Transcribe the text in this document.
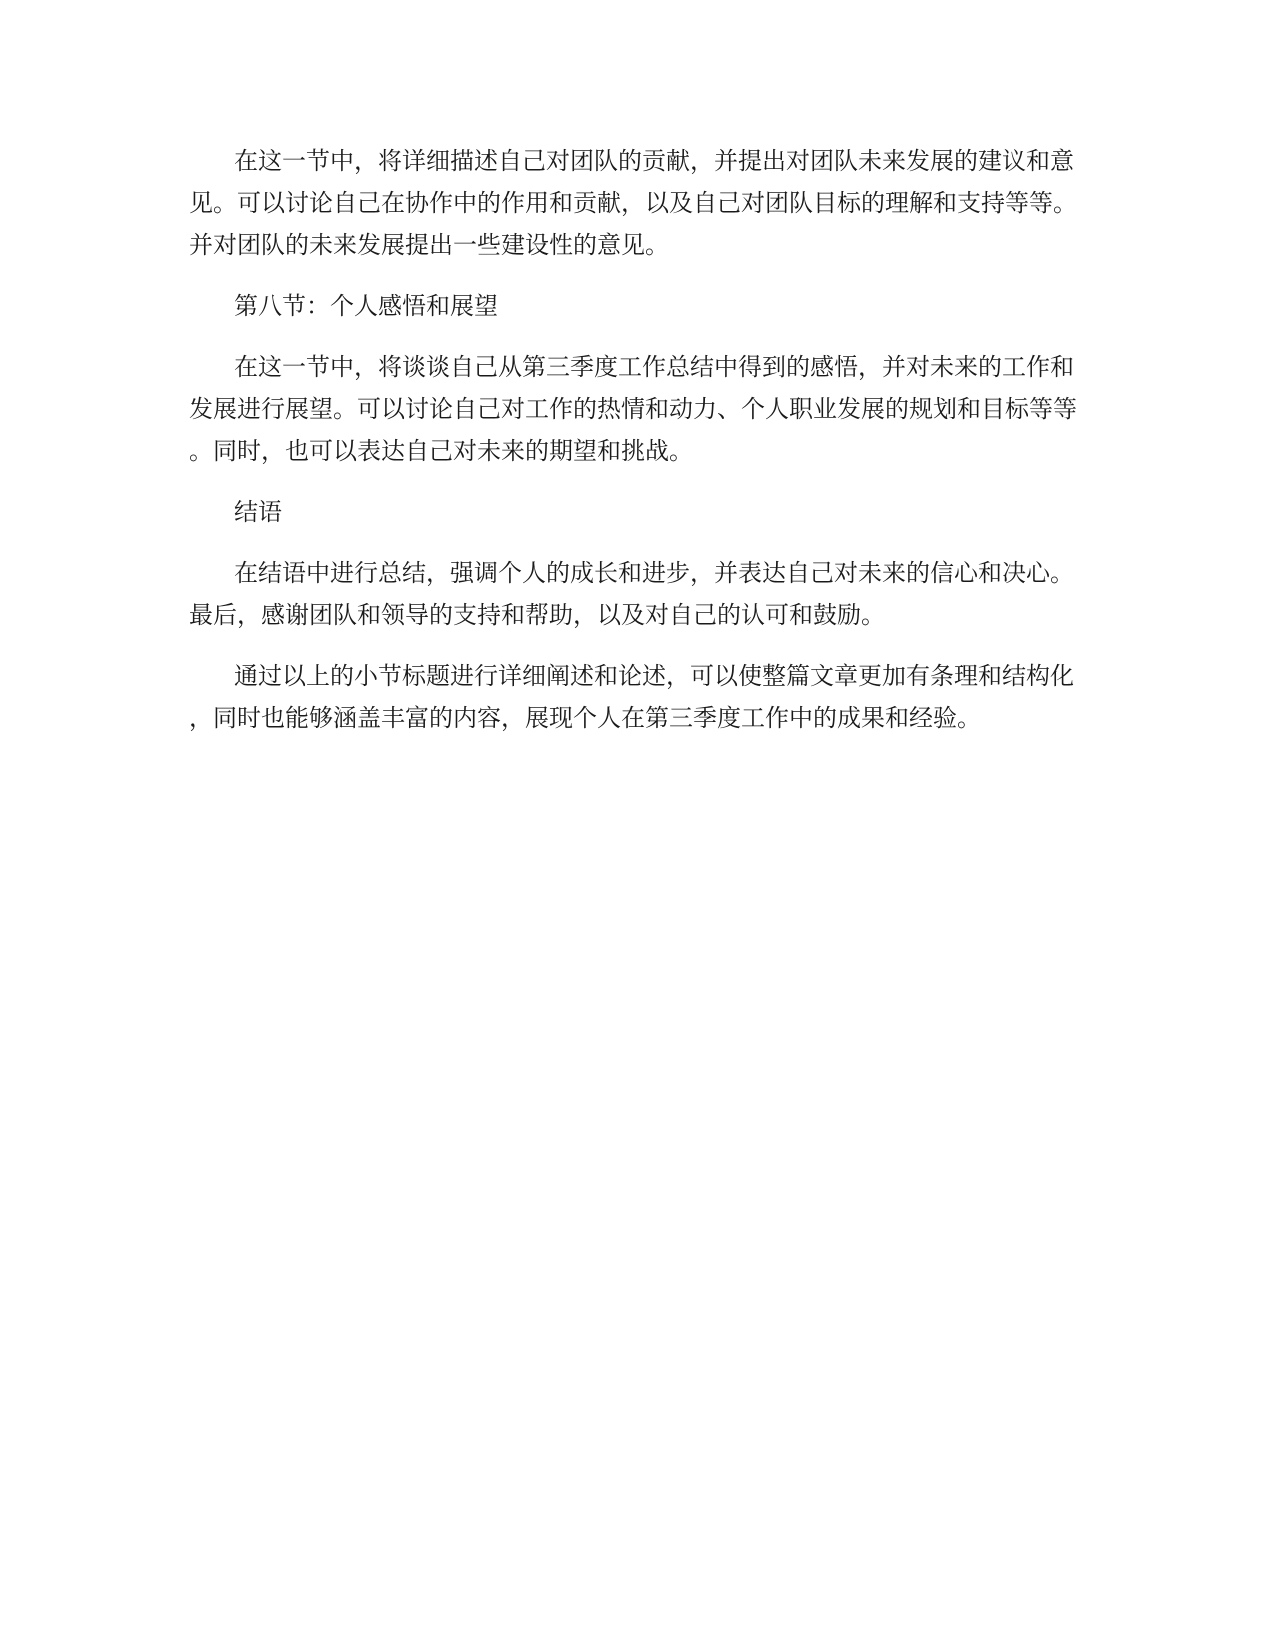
在这一节中，将详细描述自己对团队的贡献，并提出对团队未来发展的建议和意见。可以讨论自己在协作中的作用和贡献，以及自己对团队目标的理解和支持等等。并对团队的未来发展提出一些建设性的意见。

第八节：个人感悟和展望

在这一节中，将谈谈自己从第三季度工作总结中得到的感悟，并对未来的工作和发展进行展望。可以讨论自己对工作的热情和动力、个人职业发展的规划和目标等等。同时，也可以表达自己对未来的期望和挑战。

结语

在结语中进行总结，强调个人的成长和进步，并表达自己对未来的信心和决心。最后，感谢团队和领导的支持和帮助，以及对自己的认可和鼓励。

通过以上的小节标题进行详细阐述和论述，可以使整篇文章更加有条理和结构化，同时也能够涵盖丰富的内容，展现个人在第三季度工作中的成果和经验。
